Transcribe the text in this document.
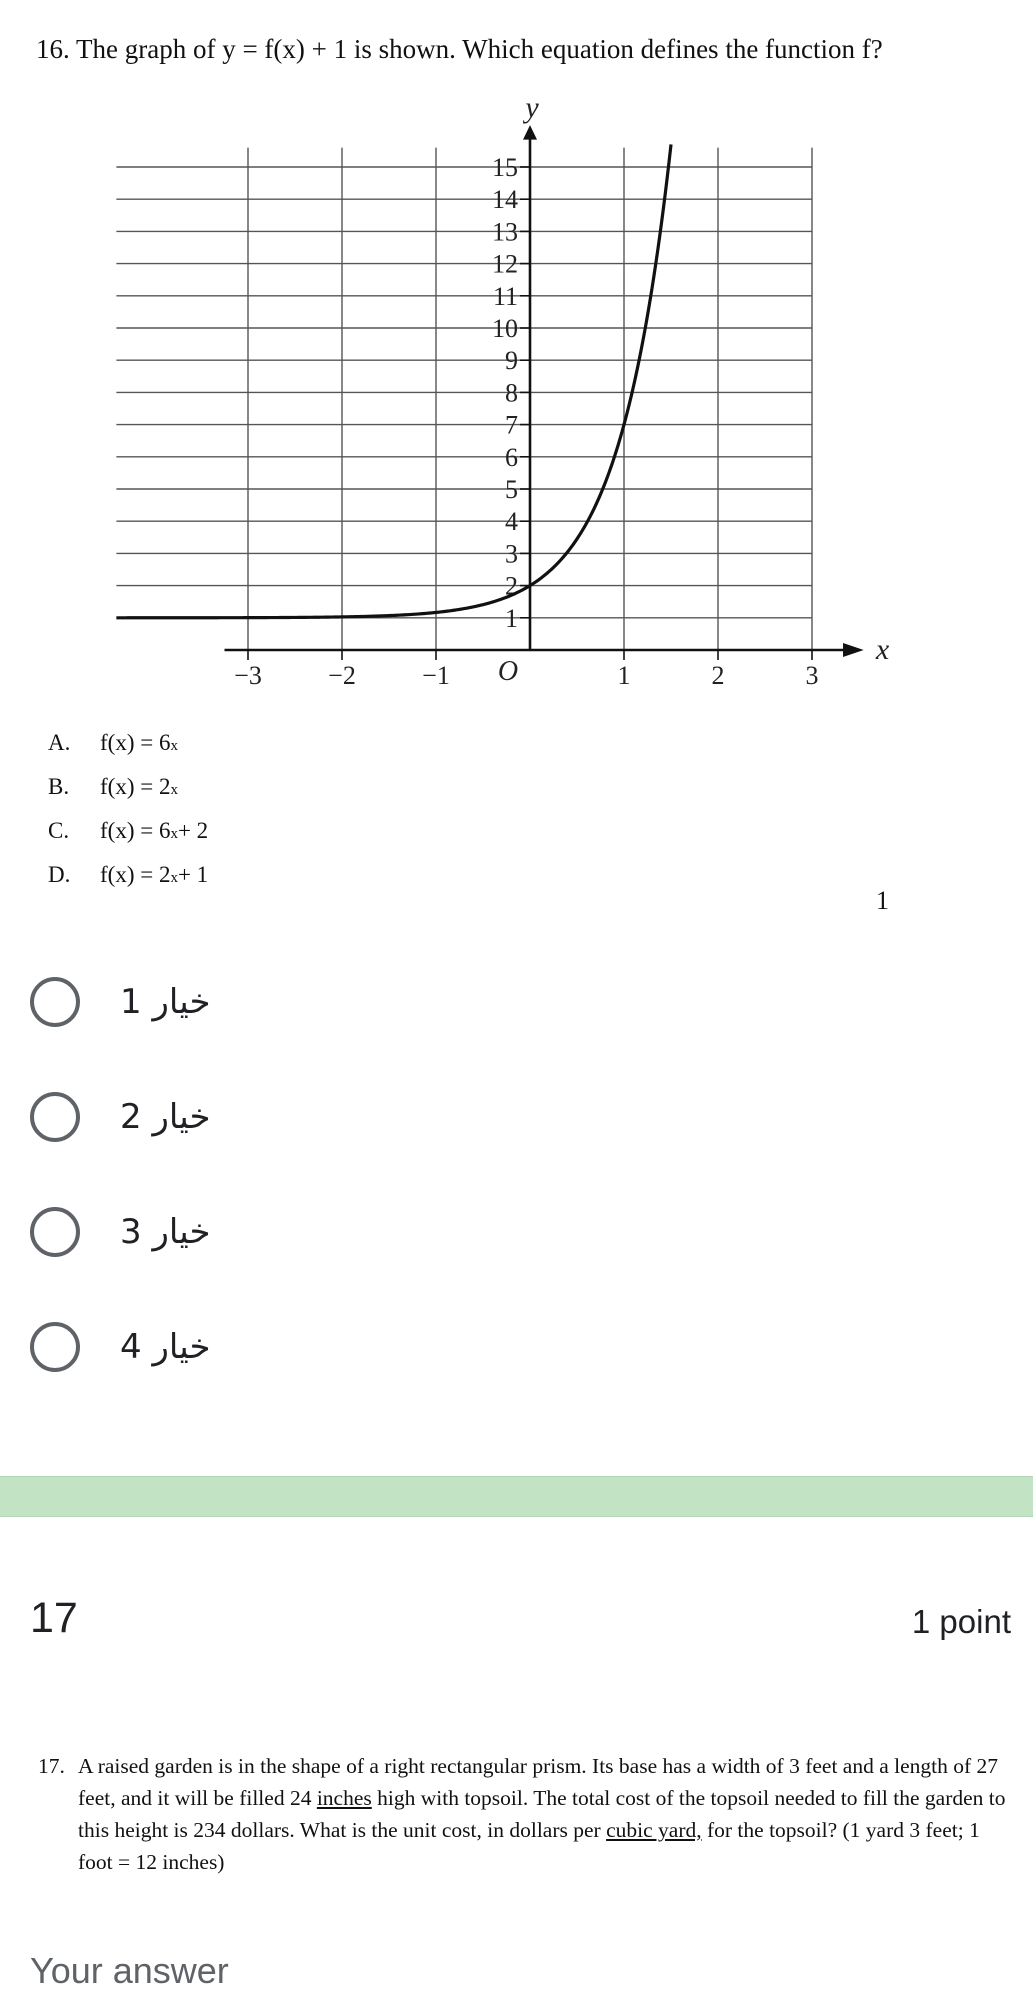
16. The graph of y = f(x) + 1 is shown. Which equation defines the function f?
15
14
13
12
11
10
9
8
7
6
5
4
3
2
1
−3	−2	−1	1	2	3
O
y
x
A.	f(x) = 6 x
B.	f(x) = 2 x
C.	f(x) = 6 x + 2
D.	f(x) = 2 x + 1
1
1
خيار
2
خيار
3
خيار
4
خيار
17	1 point
17. A raised garden is in the shape of a right rectangular prism. Its base has a width of 3 feet and a length of 27 feet, and it will be filled 24 inches high with topsoil. The total cost of the topsoil needed to fill the garden to this height is 234 dollars. What is the unit cost, in dollars per cubic yard, for the topsoil? (1 yard 3 feet; 1 foot = 12 inches)
Your answer
